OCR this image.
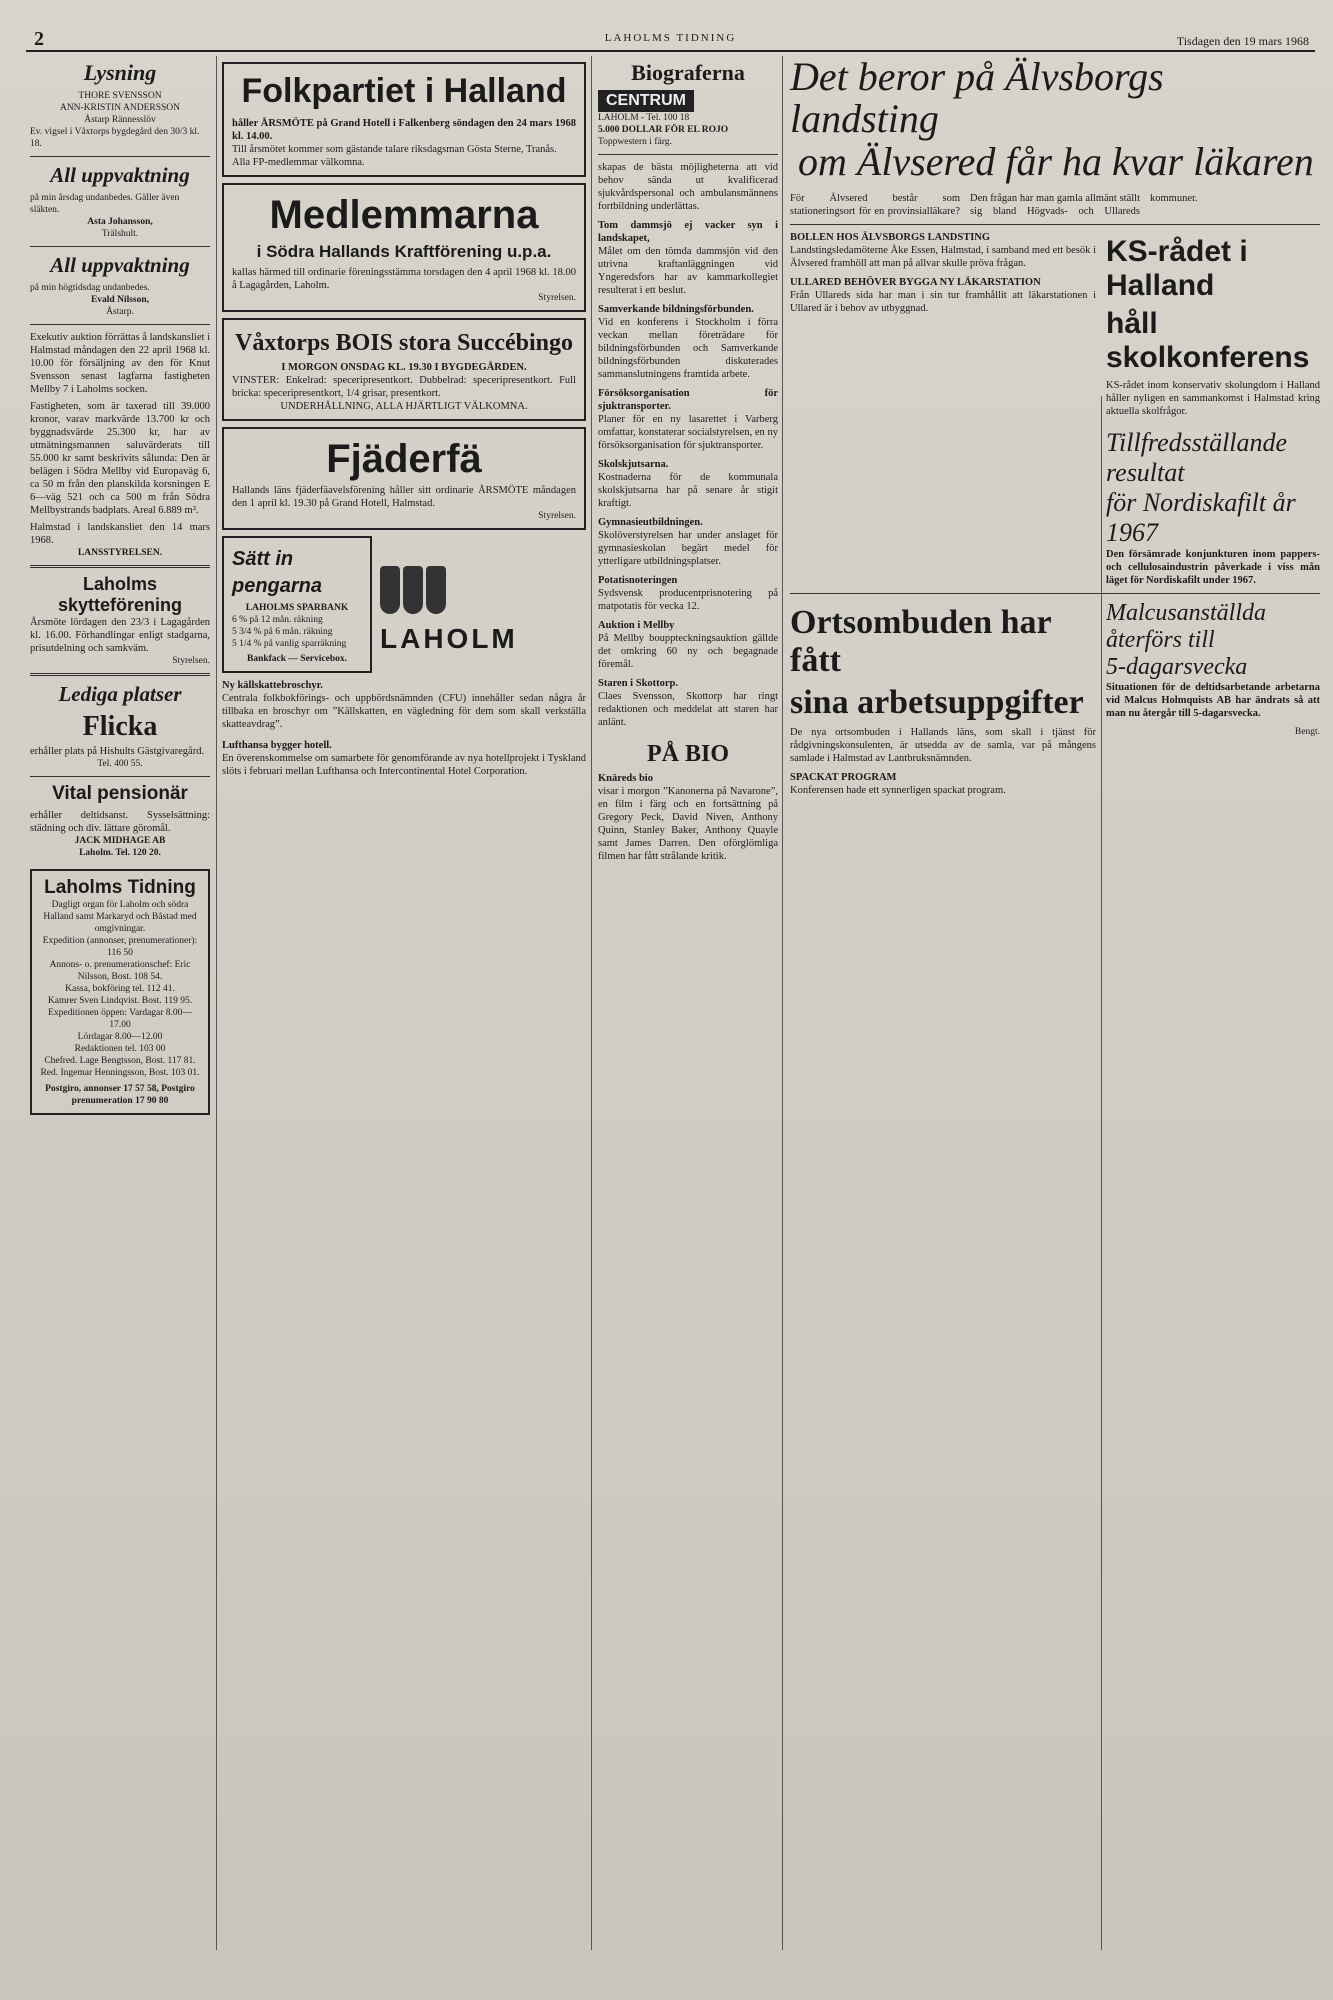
2	LAHOLMS TIDNING	Tisdagen den 19 mars 1968
Lysning
THORE SVENSSON
ANN-KRISTIN ANDERSSON
Åstarp Rännesslöv
Ev. vigsel i Våxtorps bygdegård den 30/3 kl. 18.
All uppvaktning
på min årsdag undanbedes. Gäller även släkten.
Asta Johansson,
Trälshult.
All uppvaktning
på min högtidsdag undanbedes.
Evald Nilsson,
Åstarp.
Exekutiv auktion förrättas å landskansliet i Halmstad måndagen den 22 april 1968 kl. 10.00 för försäljning av den för Knut Svensson senast lagfarna fastigheten Mellby 7 i Laholms socken.
Fastigheten, som är taxerad till 39.000 kronor, varav markvärde 13.700 kr och byggnadsvärde 25.300 kr, har av utmätningsmannen saluvärderats till 55.000 kr samt beskrivits sålunda: Den är belägen i Södra Mellby vid Europaväg 6, ca 50 m från den planskilda korsningen E 6—väg 521 och ca 500 m från Södra Mellbystrands badplats. Areal 6.889 m².
Halmstad i landskansliet den 14 mars 1968.
LANSSTYRELSEN.
Laholms
skytteförening
Årsmöte lördagen den 23/3 i Lagagården kl. 16.00. Förhandlingar enligt stadgarna, prisutdelning och samkväm.
Styrelsen.
Lediga platser
Flicka
erhåller plats på Hishults Gästgivaregård.
Tel. 400 55.
Vital pensionär
erhåller deltidsanst. Sysselsättning: städning och div. lättare göromål.
JACK MIDHAGE AB
Laholm. Tel. 120 20.
Laholms Tidning
Dagligt organ för Laholm och södra Halland samt Markaryd och Båstad med omgivningar.
Expedition (annonser, prenumerationer): 116 50
Annons- o. prenumerationschef: Eric Nilsson, Bost. 108 54.
Kassa, bokföring tel. 112 41.
Kamrer Sven Lindqvist. Bost. 119 95.
Expeditionen öppen: Vardagar 8.00—17.00
Lördagar 8.00—12.00
Redaktionen tel. 103 00
Chefred. Lage Bengtsson, Bost. 117 81.
Red. Ingemar Henningsson, Bost. 103 01.
Postgiro, annonser 17 57 58, Postgiro prenumeration 17 90 80
Folkpartiet i Halland
håller ÅRSMÖTE på Grand Hotell i Falkenberg söndagen den 24 mars 1968 kl. 14.00.
Till årsmötet kommer som gästande talare riksdagsman Gösta Sterne, Tranås.
Alla FP-medlemmar välkomna.
Medlemmarna
i Södra Hallands Kraftförening u.p.a.
kallas härmed till ordinarie föreningsstämma torsdagen den 4 april 1968 kl. 18.00 å Lagagården, Laholm.
Styrelsen.
Våxtorps BOIS stora Succébingo
I MORGON ONSDAG KL. 19.30 I BYGDEGÅRDEN.
VINSTER: Enkelrad: speceripresentkort. Dubbelrad: speceripresentkort. Full bricka: speceripresentkort, 1/4 grisar, presentkort.
UNDERHÅLLNING, ALLA HJÄRTLIGT VÄLKOMNA.
Fjäderfä
Hallands läns fjäderfäavelsförening håller sitt ordinarie ÅRSMÖTE måndagen den 1 april kl. 19.30 på Grand Hotell, Halmstad.
Styrelsen.
Sätt in
pengarna
LAHOLMS SPARBANK
6 % på 12 mån. räkning
5 3/4 % på 6 mån. räkning
5 1/4 % på vanlig sparräkning
Bankfack — Servicebox.
LAHOLM
Ny källskattebroschyr.
Centrala folkbokförings- och uppbördsnämnden (CFU) innehåller sedan några år tillbaka en broschyr om ”Källskatten, en vägledning för dem som skall verkställa skatteavdrag”.
Lufthansa bygger hotell.
En överenskommelse om samarbete för genomförande av nya hotellprojekt i Tyskland slöts i februari mellan Lufthansa och Intercontinental Hotel Corporation.
Biograferna
CENTRUM
LAHOLM - Tel. 100 18
5.000 DOLLAR FÖR EL ROJO
Toppwestern i färg.
skapas de bästa möjligheterna att vid behov sända ut kvalificerad sjukvårdspersonal och ambulansmännens fortbildning underlättas.
Tom dammsjö ej vacker syn i landskapet,
Målet om den tömda dammsjön vid den utrivna kraftanläggningen vid Yngeredsfors har av kammarkollegiet resulterat i ett beslut.
Samverkande bildningsförbunden.
Vid en konferens i Stockholm i förra veckan mellan företrädare för bildningsförbunden och Samverkande bildningsförbunden diskuterades sammanslutningens framtida arbete.
Försöksorganisation för sjuktransporter.
Planer för en ny lasarettet i Varberg omfattar, konstaterar socialstyrelsen, en ny försöksorganisation för sjuktransporter.
Skolskjutsarna.
Kostnaderna för de kommunala skolskjutsarna har på senare år stigit kraftigt.
Gymnasieutbildningen.
Skolöverstyrelsen har under anslaget för gymnasieskolan begärt medel för ytterligare utbildningsplatser.
Potatisnoteringen
Sydsvensk producentprisnotering på matpotatis för vecka 12.
Auktion i Mellby
På Mellby bouppteckningsauktion gällde det omkring 60 ny och begagnade föremål.
Staren i Skottorp.
Claes Svensson, Skottorp har ringt redaktionen och meddelat att staren har anlänt.
PÅ BIO
Knäreds bio
visar i morgon ”Kanonerna på Navarone”, en film i färg och en fortsättning på Gregory Peck, David Niven, Anthony Quinn, Stanley Baker, Anthony Quayle samt James Darren. Den oförglömliga filmen har fått strålande kritik.
Det beror på Älvsborgs landsting
om Älvsered får ha kvar läkaren
För Älvsered består som stationeringsort för en provinsialläkare? Den frågan har man gamla allmänt ställt sig bland Högvads- och Ullareds kommuner.
BOLLEN HOS ÄLVSBORGS LANDSTING
Landstingsledamöterne Åke Essen, Halmstad, i samband med ett besök i Älvsered framhöll att man på allvar skulle pröva frågan.
ULLARED BEHÖVER BYGGA NY LÄKARSTATION
Från Ullareds sida har man i sin tur framhållit att läkarstationen i Ullared är i behov av utbyggnad.
KS-rådet i Halland
håll skolkonferens
KS-rådet inom konservativ skolungdom i Halland håller nyligen en sammankomst i Halmstad kring aktuella skolfrågor.
Tillfredsställande resultat
för Nordiskafilt år 1967
Den försämrade konjunkturen inom pappers- och cellulosaindustrin påverkade i viss mån läget för Nordiskafilt under 1967.
Ortsombuden har fått
sina arbetsuppgifter
De nya ortsombuden i Hallands läns, som skall i tjänst för rådgivningskonsulenten, är utsedda av de samla, var på mångens samlade i Halmstad av Lantbruksnämnden.
SPACKAT PROGRAM
Konferensen hade ett synnerligen spackat program.
Malcusanställda
återförs till
5-dagarsvecka
Situationen för de deltidsarbetande arbetarna vid Malcus Holmquists AB har ändrats så att man nu återgår till 5-dagarsvecka.
Bengt.
